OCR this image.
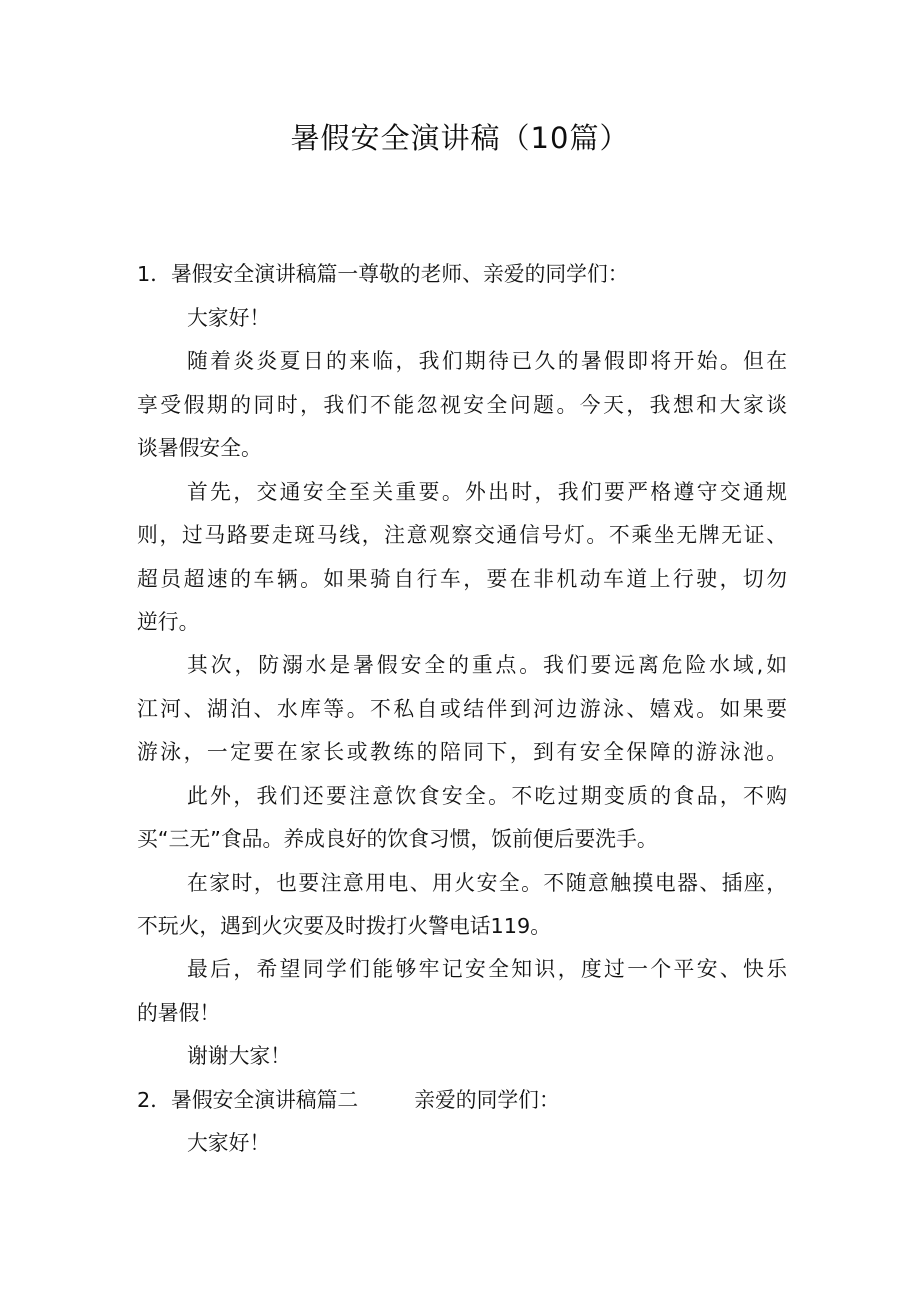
暑假安全演讲稿（10篇）
1．暑假安全演讲稿篇一尊敬的老师、亲爱的同学们：
大家好！
随着炎炎夏日的来临，我们期待已久的暑假即将开始。但在
享受假期的同时，我们不能忽视安全问题。今天，我想和大家谈
谈暑假安全。
首先，交通安全至关重要。外出时，我们要严格遵守交通规
则，过马路要走斑马线，注意观察交通信号灯。不乘坐无牌无证、
超员超速的车辆。如果骑自行车，要在非机动车道上行驶，切勿
逆行。
其次，防溺水是暑假安全的重点。我们要远离危险水域,如
江河、湖泊、水库等。不私自或结伴到河边游泳、嬉戏。如果要
游泳，一定要在家长或教练的陪同下，到有安全保障的游泳池。
此外，我们还要注意饮食安全。不吃过期变质的食品，不购
买“三无”食品。养成良好的饮食习惯，饭前便后要洗手。
在家时，也要注意用电、用火安全。不随意触摸电器、插座，
不玩火，遇到火灾要及时拨打火警电话119。
最后，希望同学们能够牢记安全知识，度过一个平安、快乐
的暑假！
谢谢大家！
2．暑假安全演讲稿篇二	亲爱的同学们：
大家好！
